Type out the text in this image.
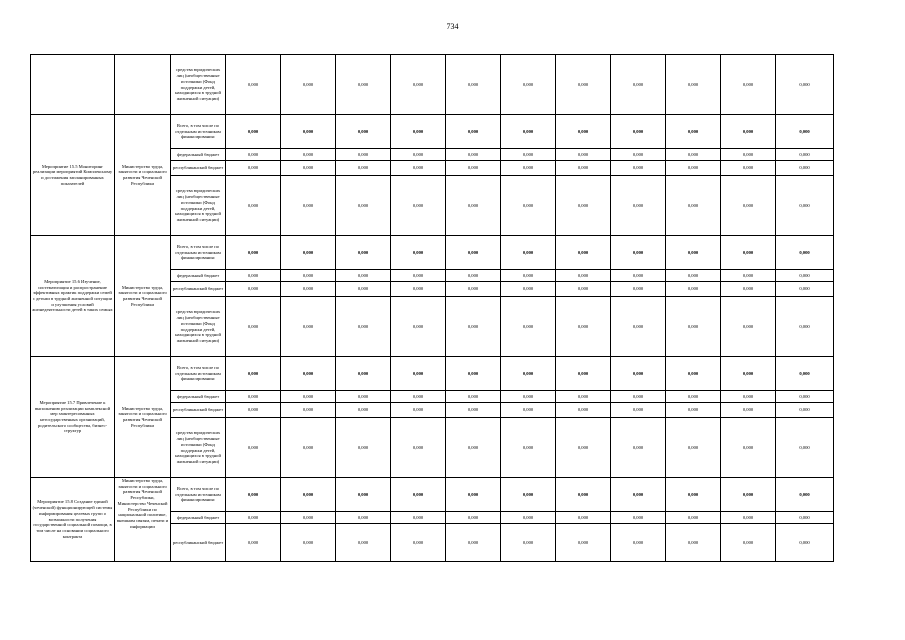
734
		средства юридических лиц (необщественные источники (Фонд поддержки детей, находящихся в трудной жизненной ситуации)	0,000	0,000	0,000	0,000	0,000	0,000	0,000	0,000	0,000	0,000	0,000
Мероприятие 15.5 Мониторинг реализации мероприятий Комплексному и достижения запланированных показателей	Министерство труда, занятости и социального развития Чеченской Республики	Всего, в том числе по отдельным источникам финансирования:	0,000	0,000	0,000	0,000	0,000	0,000	0,000	0,000	0,000	0,000	0,000
		федеральный бюджет	0,000	0,000	0,000	0,000	0,000	0,000	0,000	0,000	0,000	0,000	0,000
		республиканский бюджет	0,000	0,000	0,000	0,000	0,000	0,000	0,000	0,000	0,000	0,000	0,000
		средства юридических лиц (необщественные источники (Фонд поддержки детей, находящихся в трудной жизненной ситуации)	0,000	0,000	0,000	0,000	0,000	0,000	0,000	0,000	0,000	0,000	0,000
Мероприятие 15.6 Изучение, систематизация и распространение эффективных практик поддержки семей с детьми в трудной жизненной ситуации и улучшения условий жизнедеятельности детей в таких семьях	Министерство труда, занятости и социального развития Чеченской Республики	Всего, в том числе по отдельным источникам финансирования:	0,000	0,000	0,000	0,000	0,000	0,000	0,000	0,000	0,000	0,000	0,000
		федеральный бюджет	0,000	0,000	0,000	0,000	0,000	0,000	0,000	0,000	0,000	0,000	0,000
		республиканский бюджет	0,000	0,000	0,000	0,000	0,000	0,000	0,000	0,000	0,000	0,000	0,000
		средства юридических лиц (необщественные источники (Фонд поддержки детей, находящихся в трудной жизненной ситуации)	0,000	0,000	0,000	0,000	0,000	0,000	0,000	0,000	0,000	0,000	0,000
Мероприятие 15.7 Привлечение к выполнению реализации комплексной мер заинтересованных негосударственных организаций, родительского сообщества, бизнес-структур	Министерство труда, занятости и социального развития Чеченской Республики	Всего, в том числе по отдельным источникам финансирования:	0,000	0,000	0,000	0,000	0,000	0,000	0,000	0,000	0,000	0,000	0,000
		федеральный бюджет	0,000	0,000	0,000	0,000	0,000	0,000	0,000	0,000	0,000	0,000	0,000
		республиканский бюджет	0,000	0,000	0,000	0,000	0,000	0,000	0,000	0,000	0,000	0,000	0,000
		средства юридических лиц (необщественные источники (Фонд поддержки детей, находящихся в трудной жизненной ситуации)	0,000	0,000	0,000	0,000	0,000	0,000	0,000	0,000	0,000	0,000	0,000
Мероприятие 15.8 Создание единой (чеченской) функционирующей системы информирования целевых групп о возможности получения государственной социальной помощи, в том числе на основании социального контракта	Министерство труда, занятости и социального развития Чеченской Республики, Министерство Чеченской Республики по национальной политике, внешним связям, печати и информации	Всего, в том числе по отдельным источникам финансирования:	0,000	0,000	0,000	0,000	0,000	0,000	0,000	0,000	0,000	0,000	0,000
		федеральный бюджет	0,000	0,000	0,000	0,000	0,000	0,000	0,000	0,000	0,000	0,000	0,000
		республиканский бюджет	0,000	0,000	0,000	0,000	0,000	0,000	0,000	0,000	0,000	0,000	0,000
